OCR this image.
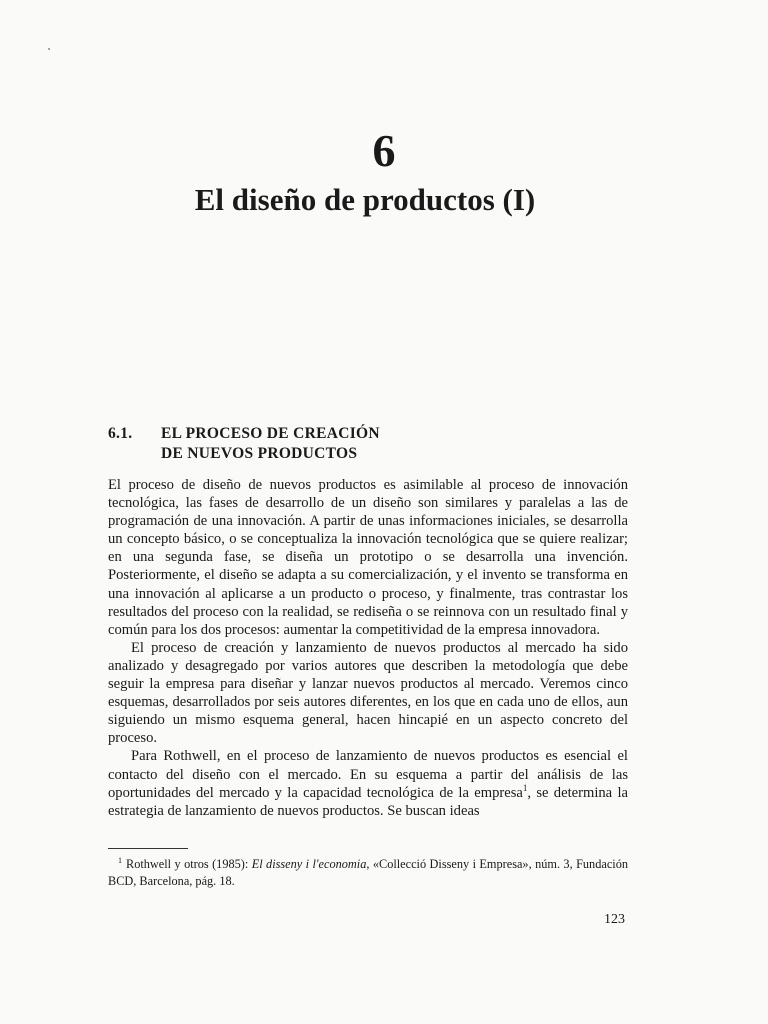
6
El diseño de productos (I)
6.1. EL PROCESO DE CREACIÓN
DE NUEVOS PRODUCTOS

El proceso de diseño de nuevos productos es asimilable al proceso de innovación tecnológica, las fases de desarrollo de un diseño son similares y paralelas a las de programación de una innovación. A partir de unas informaciones iniciales, se desarrolla un concepto básico, o se conceptualiza la innovación tecnológica que se quiere realizar; en una segunda fase, se diseña un prototipo o se desarrolla una invención. Posteriormente, el diseño se adapta a su comercialización, y el invento se transforma en una innovación al aplicarse a un producto o proceso, y finalmente, tras contrastar los resultados del proceso con la realidad, se rediseña o se reinnova con un resultado final y común para los dos procesos: aumentar la competitividad de la empresa innovadora.

El proceso de creación y lanzamiento de nuevos productos al mercado ha sido analizado y desagregado por varios autores que describen la metodología que debe seguir la empresa para diseñar y lanzar nuevos productos al mercado. Veremos cinco esquemas, desarrollados por seis autores diferentes, en los que en cada uno de ellos, aun siguiendo un mismo esquema general, hacen hincapié en un aspecto concreto del proceso.

Para Rothwell, en el proceso de lanzamiento de nuevos productos es esencial el contacto del diseño con el mercado. En su esquema a partir del análisis de las oportunidades del mercado y la capacidad tecnológica de la empresa$^1$, se determina la estrategia de lanzamiento de nuevos productos. Se buscan ideas

$^1$ Rothwell y otros (1985): El disseny i l'economia, «Collecció Disseny i Empresa», núm. 3, Fundación BCD, Barcelona, pág. 18.
123
